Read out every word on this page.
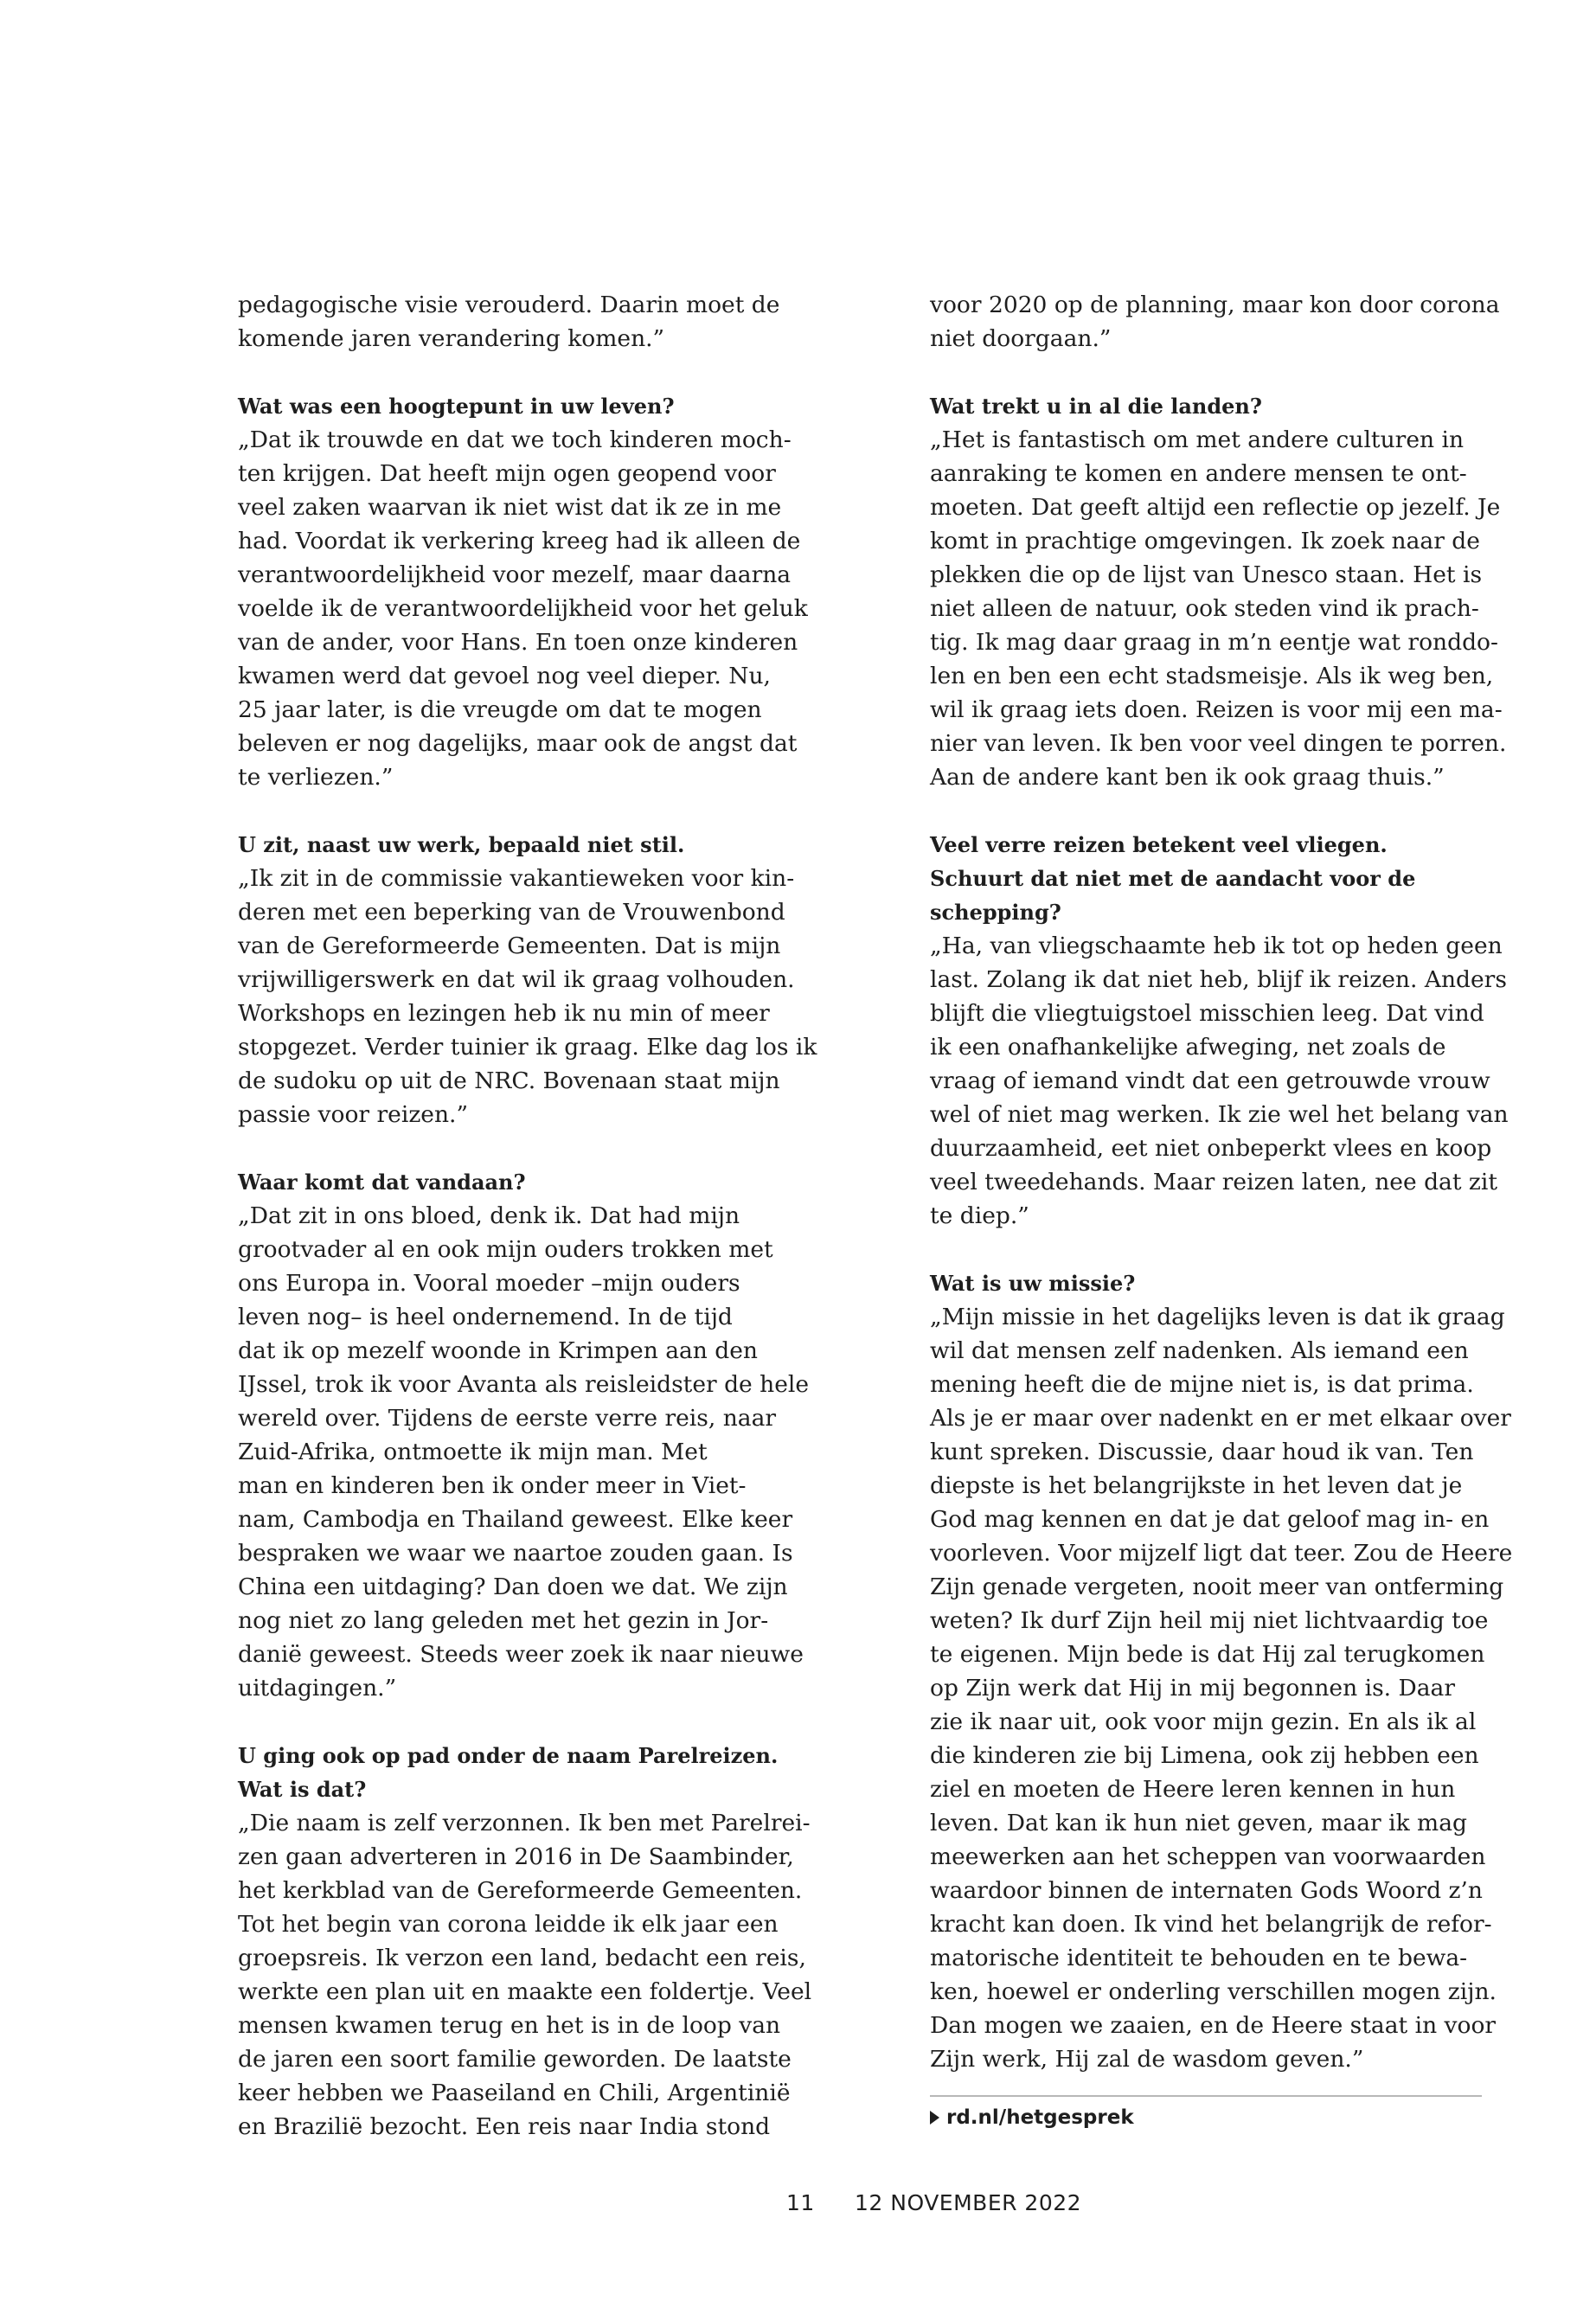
pedagogische visie verouderd. Daarin moet de
komende jaren verandering komen.”

Wat was een hoogtepunt in uw leven?

„Dat ik trouwde en dat we toch kinderen moch-
ten krijgen. Dat heeft mijn ogen geopend voor
veel zaken waarvan ik niet wist dat ik ze in me
had. Voordat ik verkering kreeg had ik alleen de
verantwoordelijkheid voor mezelf, maar daarna
voelde ik de verantwoordelijkheid voor het geluk
van de ander, voor Hans. En toen onze kinderen
kwamen werd dat gevoel nog veel dieper. Nu,
25 jaar later, is die vreugde om dat te mogen
beleven er nog dagelijks, maar ook de angst dat
te verliezen.”

U zit, naast uw werk, bepaald niet stil.

„Ik zit in de commissie vakantieweken voor kin-
deren met een beperking van de Vrouwenbond
van de Gereformeerde Gemeenten. Dat is mijn
vrijwilligerswerk en dat wil ik graag volhouden.
Workshops en lezingen heb ik nu min of meer
stopgezet. Verder tuinier ik graag. Elke dag los ik
de sudoku op uit de NRC. Bovenaan staat mijn
passie voor reizen.”

Waar komt dat vandaan?

„Dat zit in ons bloed, denk ik. Dat had mijn
grootvader al en ook mijn ouders trokken met
ons Europa in. Vooral moeder –mijn ouders
leven nog– is heel ondernemend. In de tijd
dat ik op mezelf woonde in Krimpen aan den
IJssel, trok ik voor Avanta als reisleidster de hele
wereld over. Tijdens de eerste verre reis, naar
Zuid-Afrika, ontmoette ik mijn man. Met
man en kinderen ben ik onder meer in Viet-
nam, Cambodja en Thailand geweest. Elke keer
bespraken we waar we naartoe zouden gaan. Is
China een uitdaging? Dan doen we dat. We zijn
nog niet zo lang geleden met het gezin in Jor-
danië geweest. Steeds weer zoek ik naar nieuwe
uitdagingen.”

U ging ook op pad onder de naam Parelreizen.

Wat is dat?

„Die naam is zelf verzonnen. Ik ben met Parelrei-
zen gaan adverteren in 2016 in De Saambinder,
het kerkblad van de Gereformeerde Gemeenten.
Tot het begin van corona leidde ik elk jaar een
groepsreis. Ik verzon een land, bedacht een reis,
werkte een plan uit en maakte een foldertje. Veel
mensen kwamen terug en het is in de loop van
de jaren een soort familie geworden. De laatste
keer hebben we Paaseiland en Chili, Argentinië
en Brazilië bezocht. Een reis naar India stond
voor 2020 op de planning, maar kon door corona
niet doorgaan.”

Wat trekt u in al die landen?

„Het is fantastisch om met andere culturen in
aanraking te komen en andere mensen te ont-
moeten. Dat geeft altijd een reflectie op jezelf. Je
komt in prachtige omgevingen. Ik zoek naar de
plekken die op de lijst van Unesco staan. Het is
niet alleen de natuur, ook steden vind ik prach-
tig. Ik mag daar graag in m’n eentje wat ronddo-
len en ben een echt stadsmeisje. Als ik weg ben,
wil ik graag iets doen. Reizen is voor mij een ma-
nier van leven. Ik ben voor veel dingen te porren.
Aan de andere kant ben ik ook graag thuis.”

Veel verre reizen betekent veel vliegen.

Schuurt dat niet met de aandacht voor de

schepping?

„Ha, van vliegschaamte heb ik tot op heden geen
last. Zolang ik dat niet heb, blijf ik reizen. Anders
blijft die vliegtuigstoel misschien leeg. Dat vind
ik een onafhankelijke afweging, net zoals de
vraag of iemand vindt dat een getrouwde vrouw
wel of niet mag werken. Ik zie wel het belang van
duurzaamheid, eet niet onbeperkt vlees en koop
veel tweedehands. Maar reizen laten, nee dat zit
te diep.”

Wat is uw missie?

„Mijn missie in het dagelijks leven is dat ik graag
wil dat mensen zelf nadenken. Als iemand een
mening heeft die de mijne niet is, is dat prima.
Als je er maar over nadenkt en er met elkaar over
kunt spreken. Discussie, daar houd ik van. Ten
diepste is het belangrijkste in het leven dat je
God mag kennen en dat je dat geloof mag in- en
voorleven. Voor mijzelf ligt dat teer. Zou de Heere
Zijn genade vergeten, nooit meer van ontferming
weten? Ik durf Zijn heil mij niet lichtvaardig toe
te eigenen. Mijn bede is dat Hij zal terugkomen
op Zijn werk dat Hij in mij begonnen is. Daar
zie ik naar uit, ook voor mijn gezin. En als ik al
die kinderen zie bij Limena, ook zij hebben een
ziel en moeten de Heere leren kennen in hun
leven. Dat kan ik hun niet geven, maar ik mag
meewerken aan het scheppen van voorwaarden
waardoor binnen de internaten Gods Woord z’n
kracht kan doen. Ik vind het belangrijk de refor-
matorische identiteit te behouden en te bewa-
ken, hoewel er onderling verschillen mogen zijn.
Dan mogen we zaaien, en de Heere staat in voor
Zijn werk, Hij zal de wasdom geven.”
rd.nl/hetgesprek
11 12 NOVEMBER 2022
